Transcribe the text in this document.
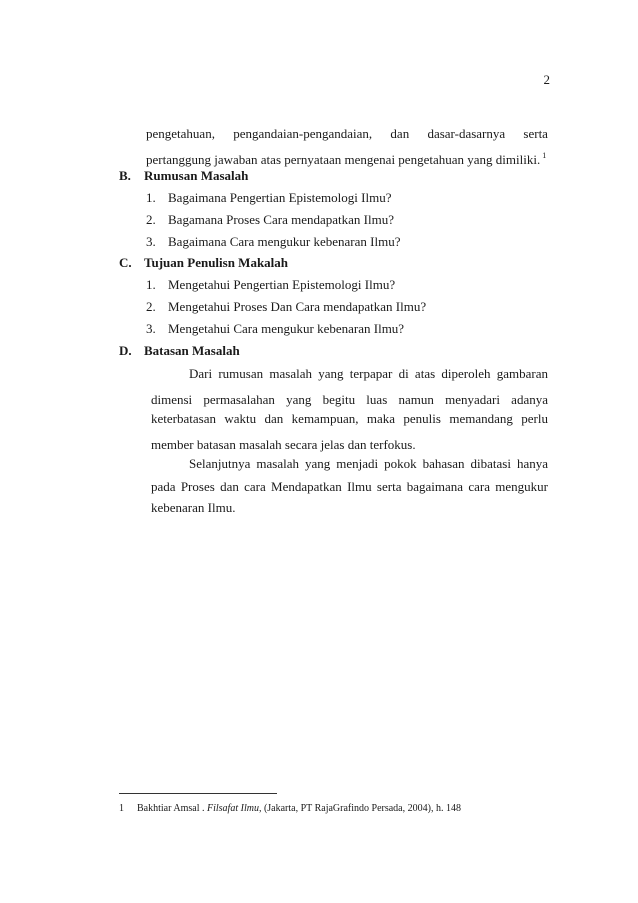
2
pengetahuan, pengandaian-pengandaian, dan dasar-dasarnya serta
pertanggung jawaban atas pernyataan mengenai pengetahuan yang dimiliki. $^1$
B. Rumusan Masalah
1. Bagaimana Pengertian Epistemologi Ilmu?
2. Bagamana Proses Cara mendapatkan Ilmu?
3. Bagaimana Cara mengukur kebenaran Ilmu?
C. Tujuan Penulisn Makalah
1. Mengetahui Pengertian Epistemologi Ilmu?
2. Mengetahui Proses Dan Cara mendapatkan Ilmu?
3. Mengetahui Cara mengukur kebenaran Ilmu?
D. Batasan Masalah
Dari rumusan masalah yang terpapar di atas diperoleh gambaran
dimensi permasalahan yang begitu luas namun menyadari adanya
keterbatasan waktu dan kemampuan, maka penulis memandang perlu
member batasan masalah secara jelas dan terfokus.
Selanjutnya masalah yang menjadi pokok bahasan dibatasi hanya
pada Proses dan cara Mendapatkan Ilmu serta bagaimana cara mengukur
kebenaran Ilmu.
1 Bakhtiar Amsal . Filsafat Ilmu, (Jakarta, PT RajaGrafindo Persada, 2004), h. 148
